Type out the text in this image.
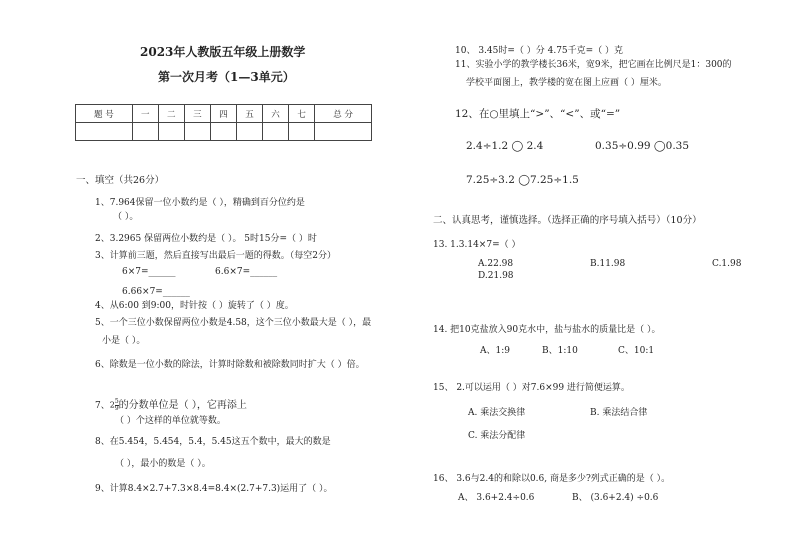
2023年人教版五年级上册数学
第一次月考（1—3单元）
题 号	一	二	三	四	五	六	七	总 分

一、填空（共26分）
1、7.964保留一位小数约是（ ），精确到百分位约是
（ ）。
2、3.2965 保留两位小数约是（ ）。 5时15分=（ ）时
3、计算前三题，然后直接写出最后一题的得数。（每空2分）
6×7=______	6.6×7=______
6.66×7=______
4、从6:00 到9:00，时针按（ ）旋转了（ ）度。
5、一个三位小数保留两位小数是4.58，这个三位小数最大是（ ），最
小是（ ）。
6、除数是一位小数的除法，计算时除数和被除数同时扩大（ ）倍。
7、$2 \frac{5}{9}$ 的分数单位是（ ），它再添上
（ ）个这样的单位就等数。
8、在5.454，5.454，5.4，5.45这五个数中，最大的数是
（ ），最小的数是（ ）。
9、计算8.4×2.7+7.3×8.4=8.4×(2.7+7.3)运用了（ ）。
10、 3.45时=（ ）分 4.75千克=（ ）克
11、实验小学的教学楼长36米，宽9米，把它画在比例尺是1：300的
学校平面图上，教学楼的宽在图上应画（ ）厘米。
12、在○里填上“>”、“<”、或“=”
2.4÷1.2 ◯ 2.4	0.35÷0.99 ◯0.35
7.25÷3.2 ◯7.25÷1.5
二、认真思考，谨慎选择。（选择正确的序号填入括号）（10分）
13. 1.3.14×7=（ ）
A.22.98	B.11.98	C.1.98
D.21.98
14. 把10克盐放入90克水中，盐与盐水的质量比是（ ）。
A、1:9	B、1:10	C、10:1
15、 2.可以运用（ ）对7.6×99 进行简便运算。
A. 乘法交换律	B. 乘法结合律
C. 乘法分配律
16、 3.6与2.4的和除以0.6, 商是多少?列式正确的是（ ）。
A、 3.6+2.4÷0.6	B、 (3.6+2.4) ÷0.6
